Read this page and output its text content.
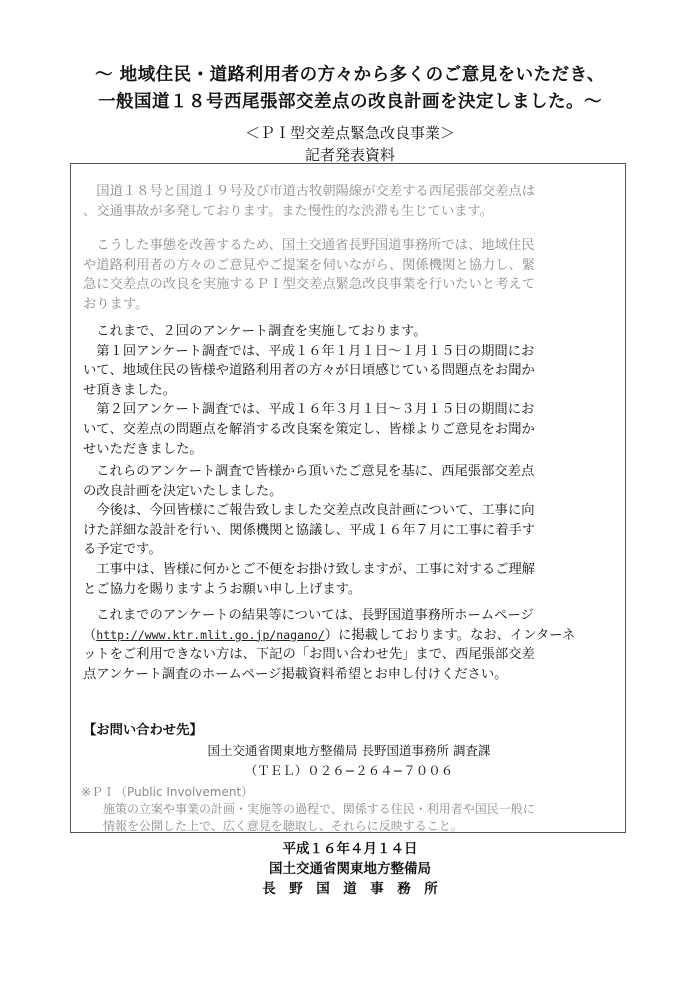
〜 地域住民・道路利用者の方々から多くのご意見をいただき、
一般国道１８号西尾張部交差点の改良計画を決定しました。〜
＜ＰＩ型交差点緊急改良事業＞
記者発表資料
　国道１８号と国道１９号及び市道古牧朝陽線が交差する西尾張部交差点は
、交通事故が多発しております。また慢性的な渋滞も生じています。
　こうした事態を改善するため、国土交通省長野国道事務所では、地域住民
や道路利用者の方々のご意見やご提案を伺いながら、関係機関と協力し、緊
急に交差点の改良を実施するＰＩ型交差点緊急改良事業を行いたいと考えて
おります。
　これまで、２回のアンケート調査を実施しております。
　第１回アンケート調査では、平成１６年１月１日〜１月１５日の期間にお
いて、地域住民の皆様や道路利用者の方々が日頃感じている問題点をお聞か
せ頂きました。
　第２回アンケート調査では、平成１６年３月１日〜３月１５日の期間にお
いて、交差点の問題点を解消する改良案を策定し、皆様よりご意見をお聞か
せいただきました。
　これらのアンケート調査で皆様から頂いたご意見を基に、西尾張部交差点
の改良計画を決定いたしました。
　今後は、今回皆様にご報告致しました交差点改良計画について、工事に向
けた詳細な設計を行い、関係機関と協議し、平成１６年７月に工事に着手す
る予定です。
　工事中は、皆様に何かとご不便をお掛け致しますが、工事に対するご理解
とご協力を賜りますようお願い申し上げます。
　これまでのアンケートの結果等については、長野国道事務所ホームページ
（http://www.ktr.mlit.go.jp/nagano/）に掲載しております。なお、インターネ
ットをご利用できない方は、下記の「お問い合わせ先」まで、西尾張部交差
点アンケート調査のホームページ掲載資料希望とお申し付けください。
【お問い合わせ先】
国土交通省関東地方整備局 長野国道事務所 調査課
（ＴＥＬ）０２６−２６４−７００６
※ＰＩ（Public Involvement）
施策の立案や事業の計画・実施等の過程で、関係する住民・利用者や国民一般に
情報を公開した上で、広く意見を聴取し、それらに反映すること。
平成１６年４月１４日
国土交通省関東地方整備局
長　野　国　道　事　務　所
